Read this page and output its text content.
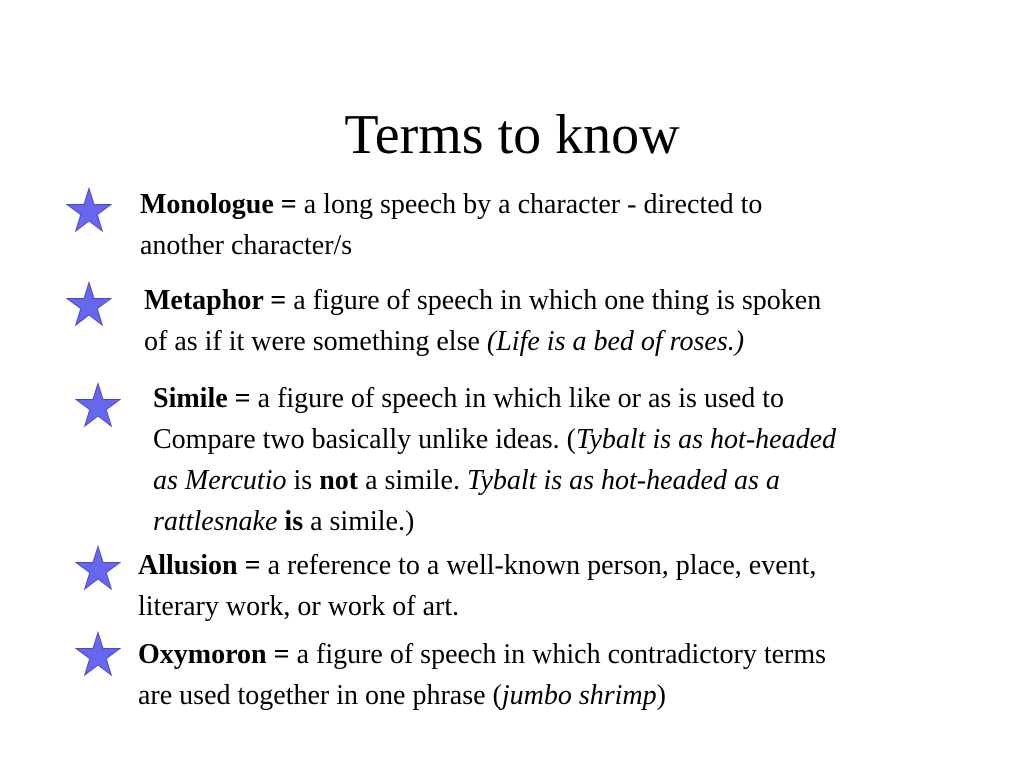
Terms to know
Monologue = a long speech by a character - directed to
another character/s
Metaphor = a figure of speech in which one thing is spoken
of as if it were something else (Life is a bed of roses.)
Simile = a figure of speech in which like or as is used to
Compare two basically unlike ideas. (Tybalt is as hot-headed
as Mercutio is not a simile. Tybalt is as hot-headed as a
rattlesnake is a simile.)
Allusion = a reference to a well-known person, place, event,
literary work, or work of art.
Oxymoron = a figure of speech in which contradictory terms
are used together in one phrase (jumbo shrimp)
